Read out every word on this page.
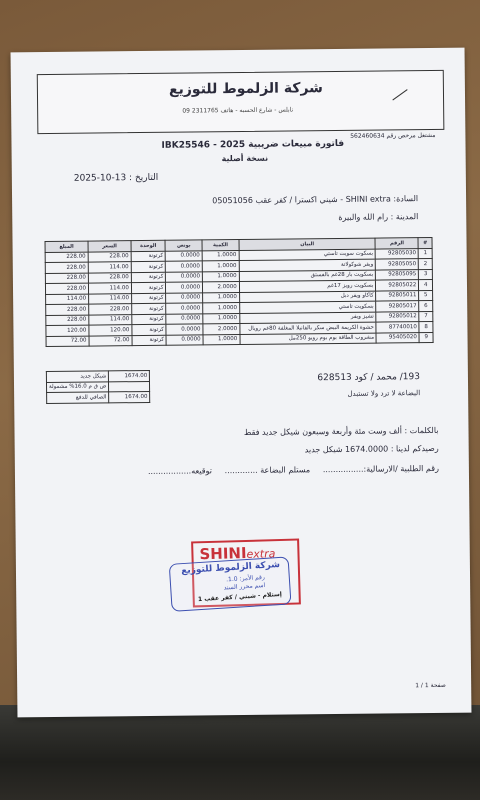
شركة الزلموط للتوزيع
نابلس - شارع الحسبه - هاتف 2311765 09
مشتغل مرخص رقم 562460634
فاتورة مبيعات ضريبية 2025 - IBK25546
نسخة أصلية
التاريخ : 13-10-2025
السادة: SHINI extra - شيني اكسترا / كفر عقب 05051056
المدينة : رام الله والبيرة
#	الرقم	البيان	الكمية	بونص	الوحدة	السعر	المبلغ
1	92805030	بسكوت سويت تاستي	1.0000	0.0000	كرتونة	228.00	228.00
2	92805050	ويفر شوكولاتة	1.0000	0.0000	كرتونة	114.00	228.00
3	92805095	بسكويت بار 28غم بالفستق	1.0000	0.0000	كرتونة	228.00	228.00
4	92805022	بسكويت رويز 17غم	2.0000	0.0000	كرتونة	114.00	228.00
5	92805011	كاكاو ويفر دبل	1.0000	0.0000	كرتونة	114.00	114.00
6	92805017	بسكويت تاستي	1.0000	0.0000	كرتونة	228.00	228.00
7	92805012	تشيز ويفر	1.0000	0.0000	كرتونة	114.00	228.00
8	87740010	حشوة الكريمة البيض سكر بالفانيلا المغلفة 80غم رويال	2.0000	0.0000	كرتونة	120.00	120.00
9	95405020	مشروب الطاقة بوم بوم رويو 250مل	1.0000	0.0000	كرتونة	72.00	72.00
1674.00	شيكل جديد
	ض ق م 16.0% مشمولة
1674.00	الصافي للدفع
193/ محمد / كود 628513
البضاعة لا ترد ولا تستبدل
بالكلمات : ألف وست مئة وأربعة وسبعون شيكل جديد فقط
رصيدكم لدينا : 1674.0000 شيكل جديد
رقم الطلبية /الارسالية:................     مستلم البضاعة .............     توقيعه.................
SHINIextra
شركة الزلموط للتوزيع
رقم الأمر: 1.0.
اسم محرر السند
إستلام - شيني / كفر عقب 1
صفحة 1 / 1
